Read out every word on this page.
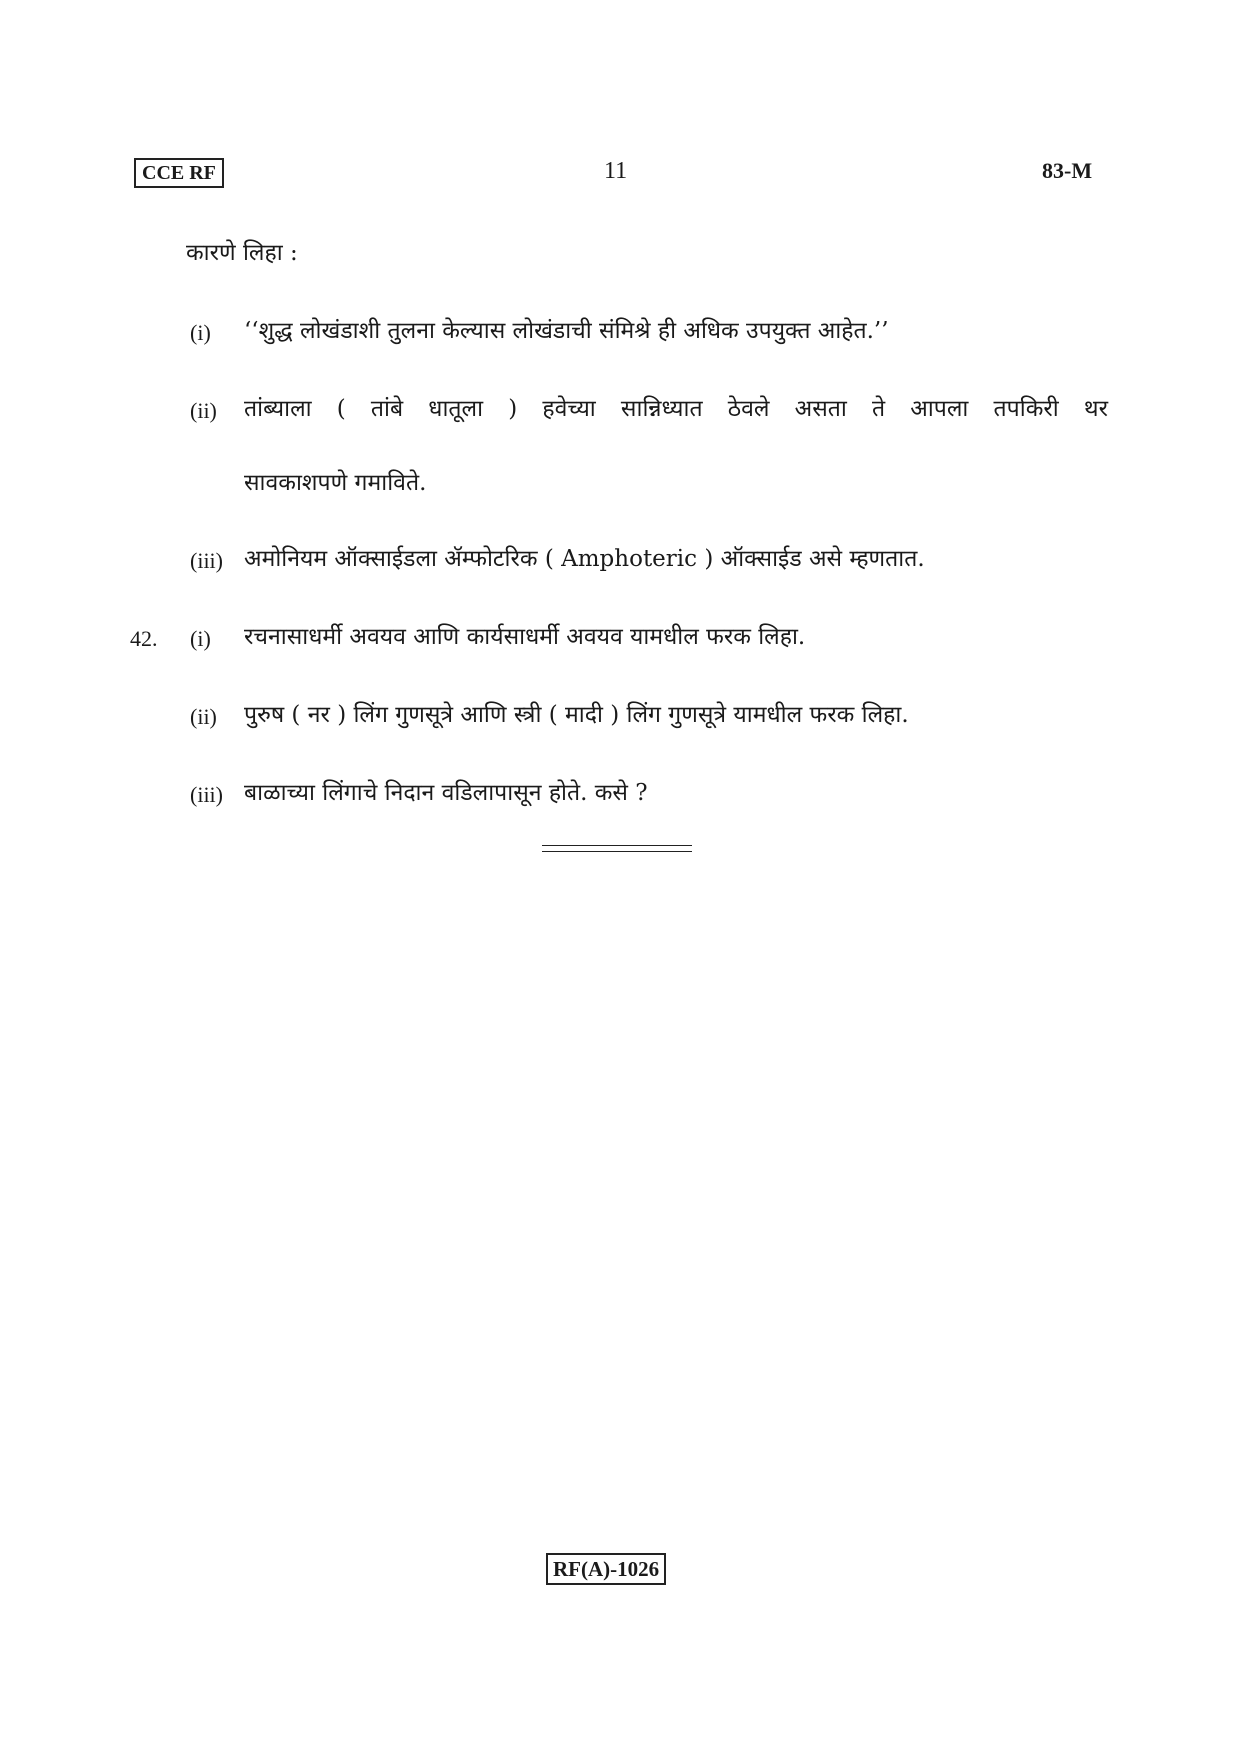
CCE RF	11	83-M
कारणे लिहा :
(i) ‘‘शुद्ध लोखंडाशी तुलना केल्यास लोखंडाची संमिश्रे ही अधिक उपयुक्त आहेत.’’
(ii) तांब्याला ( तांबे धातूला ) हवेच्या सान्निध्यात ठेवले असता ते आपला तपकिरी थर
सावकाशपणे गमाविते.
(iii) अमोनियम ऑक्साईडला ॲम्फोटरिक ( Amphoteric ) ऑक्साईड असे म्हणतात.
42. (i) रचनासाधर्मी अवयव आणि कार्यसाधर्मी अवयव यामधील फरक लिहा.
(ii) पुरुष ( नर ) लिंग गुणसूत्रे आणि स्त्री ( मादी ) लिंग गुणसूत्रे यामधील फरक लिहा.
(iii) बाळाच्या लिंगाचे निदान वडिलापासून होते. कसे ?
RF(A)-1026
